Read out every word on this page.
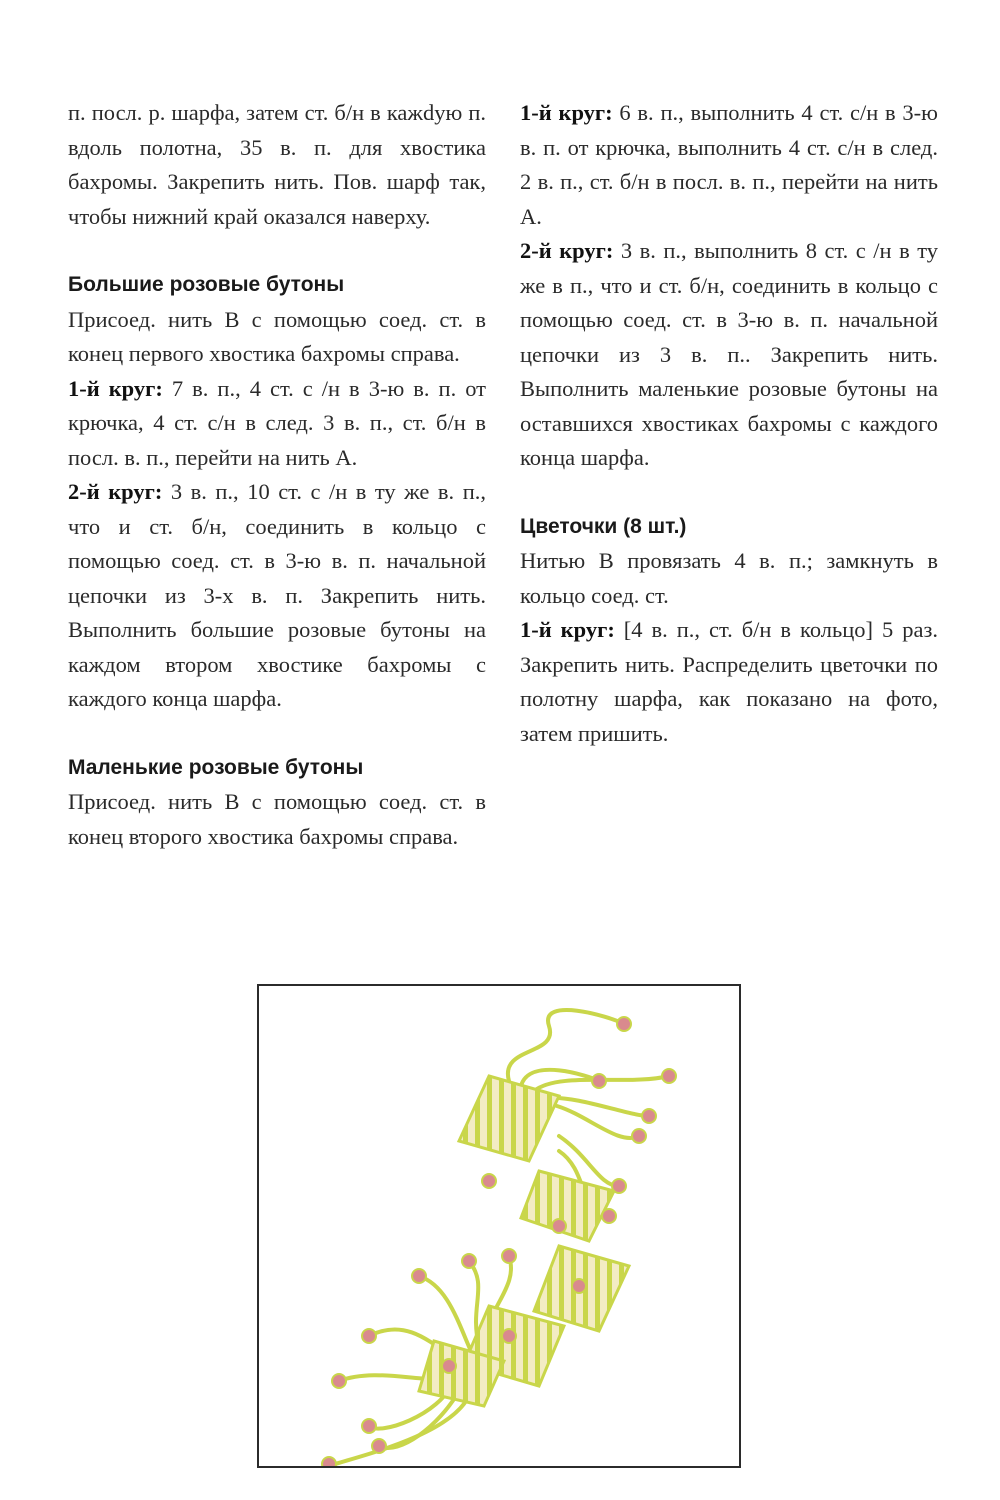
п. посл. р. шарфа, затем ст. б/н в кажdую п. вдоль полотна, 35 в. п. для хвостика бахромы. Закрепить нить. Пов. шарф так, чтобы нижний край оказался наверху.

Большие розовые бутоны

Присоед. нить В с помощью соед. ст. в конец первого хвостика бахромы справа.

1-й круг: 7 в. п., 4 ст. с /н в 3-ю в. п. от крючка, 4 ст. с/н в след. 3 в. п., ст. б/н в посл. в. п., перейти на нить А.

2-й круг: 3 в. п., 10 ст. с /н в ту же в. п., что и ст. б/н, соединить в кольцо с помощью соед. ст. в 3-ю в. п. начальной цепочки из 3-х в. п. Закрепить нить. Выполнить большие розовые бутоны на каждом втором хвостике бахромы с каждого конца шарфа.

Маленькие розовые бутоны

Присоед. нить В с помощью соед. ст. в конец второго хвостика бахромы справа.

1-й круг: 6 в. п., выполнить 4 ст. с/н в 3-ю в. п. от крючка, выполнить 4 ст. с/н в след. 2 в. п., ст. б/н в посл. в. п., перейти на нить А.

2-й круг: 3 в. п., выполнить 8 ст. с /н в ту же в п., что и ст. б/н, соединить в кольцо с помощью соед. ст. в 3-ю в. п. начальной цепочки из 3 в. п.. Закрепить нить. Выполнить маленькие розовые бутоны на оставшихся хвостиках бахромы с каждого конца шарфа.

Цветочки (8 шт.)

Нитью В провязать 4 в. п.; замкнуть в кольцо соед. ст.

1-й круг: [4 в. п., ст. б/н в кольцо] 5 раз. Закрепить нить. Распределить цветочки по полотну шарфа, как показано на фото, затем пришить.
